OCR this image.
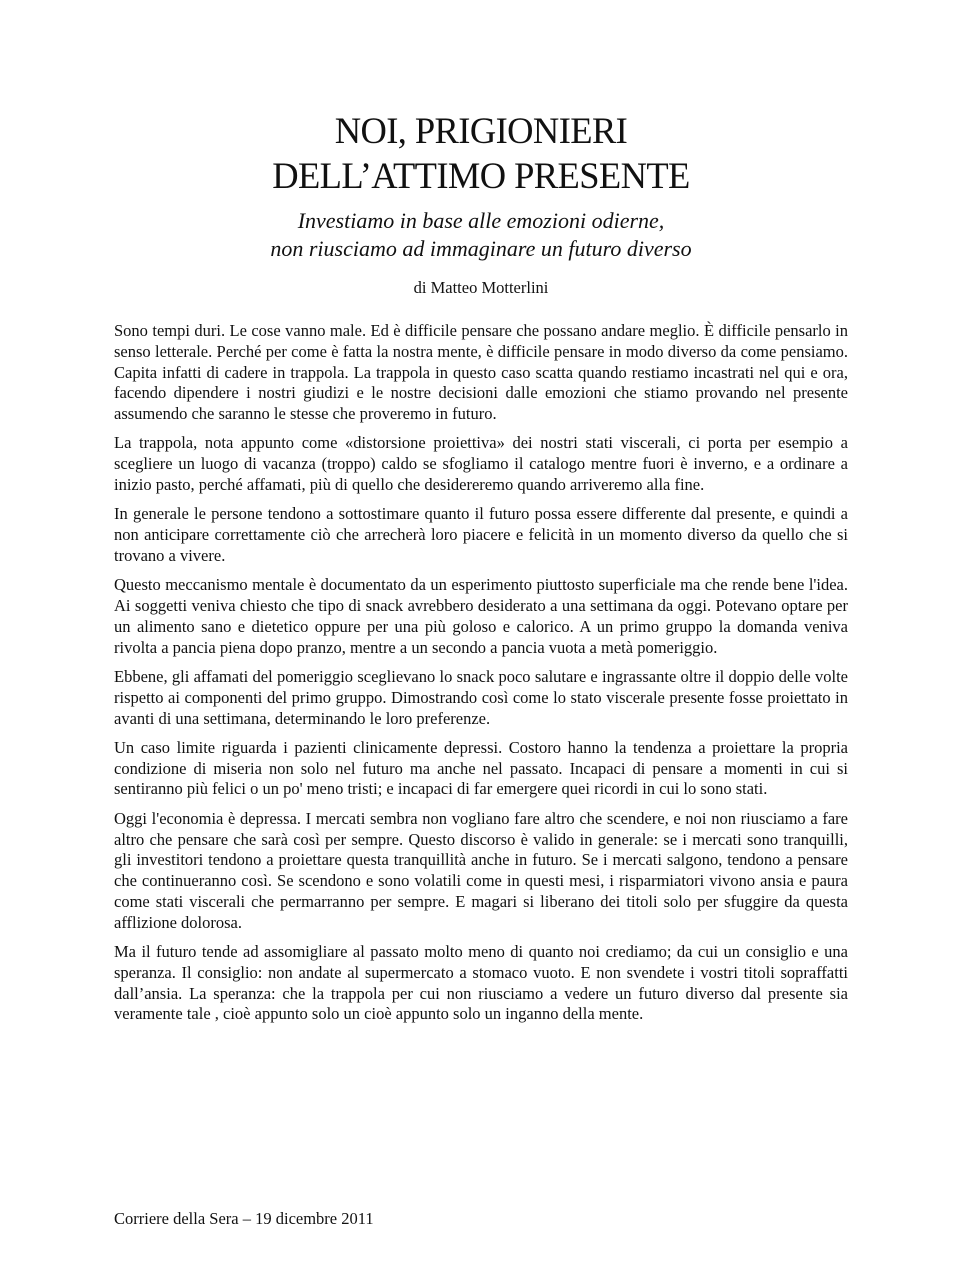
NOI, PRIGIONIERI
DELL’ATTIMO PRESENTE
Investiamo in base alle emozioni odierne,
non riusciamo ad immaginare un futuro diverso
di Matteo Motterlini

Sono tempi duri. Le cose vanno male. Ed è difficile pensare che possano andare meglio. È difficile pensarlo in senso letterale. Perché per come è fatta la nostra mente, è difficile pensare in modo diverso da come pensiamo. Capita infatti di cadere in trappola. La trappola in questo caso scatta quando restiamo incastrati nel qui e ora, facendo dipendere i nostri giudizi e le nostre decisioni dalle emozioni che stiamo provando nel presente assumendo che saranno le stesse che proveremo in futuro.

La trappola, nota appunto come «distorsione proiettiva» dei nostri stati viscerali, ci porta per esempio a scegliere un luogo di vacanza (troppo) caldo se sfogliamo il catalogo mentre fuori è inverno, e a ordinare a inizio pasto, perché affamati, più di quello che desidereremo quando arriveremo alla fine.

In generale le persone tendono a sottostimare quanto il futuro possa essere differente dal presente, e quindi a non anticipare correttamente ciò che arrecherà loro piacere e felicità in un momento diverso da quello che si trovano a vivere.

Questo meccanismo mentale è documentato da un esperimento piuttosto superficiale ma che rende bene l'idea. Ai soggetti veniva chiesto che tipo di snack avrebbero desiderato a una settimana da oggi. Potevano optare per un alimento sano e dietetico oppure per una più goloso e calorico. A un primo gruppo la domanda veniva rivolta a pancia piena dopo pranzo, mentre a un secondo a pancia vuota a metà pomeriggio.

Ebbene, gli affamati del pomeriggio sceglievano lo snack poco salutare e ingrassante oltre il doppio delle volte rispetto ai componenti del primo gruppo. Dimostrando così come lo stato viscerale presente fosse proiettato in avanti di una settimana, determinando le loro preferenze.

Un caso limite riguarda i pazienti clinicamente depressi. Costoro hanno la tendenza a proiettare la propria condizione di miseria non solo nel futuro ma anche nel passato. Incapaci di pensare a momenti in cui si sentiranno più felici o un po' meno tristi; e incapaci di far emergere quei ricordi in cui lo sono stati.

Oggi l'economia è depressa. I mercati sembra non vogliano fare altro che scendere, e noi non riusciamo a fare altro che pensare che sarà così per sempre. Questo discorso è valido in generale: se i mercati sono tranquilli, gli investitori tendono a proiettare questa tranquillità anche in futuro. Se i mercati salgono, tendono a pensare che continueranno così. Se scendono e sono volatili come in questi mesi, i risparmiatori vivono ansia e paura come stati viscerali che permarranno per sempre. E magari si liberano dei titoli solo per sfuggire da questa afflizione dolorosa.

Ma il futuro tende ad assomigliare al passato molto meno di quanto noi crediamo; da cui un consiglio e una speranza. Il consiglio: non andate al supermercato a stomaco vuoto. E non svendete i vostri titoli sopraffatti dall’ansia. La speranza: che la trappola per cui non riusciamo a vedere un futuro diverso dal presente sia veramente tale , cioè appunto solo un cioè appunto solo un inganno della mente.

Corriere della Sera – 19 dicembre 2011
